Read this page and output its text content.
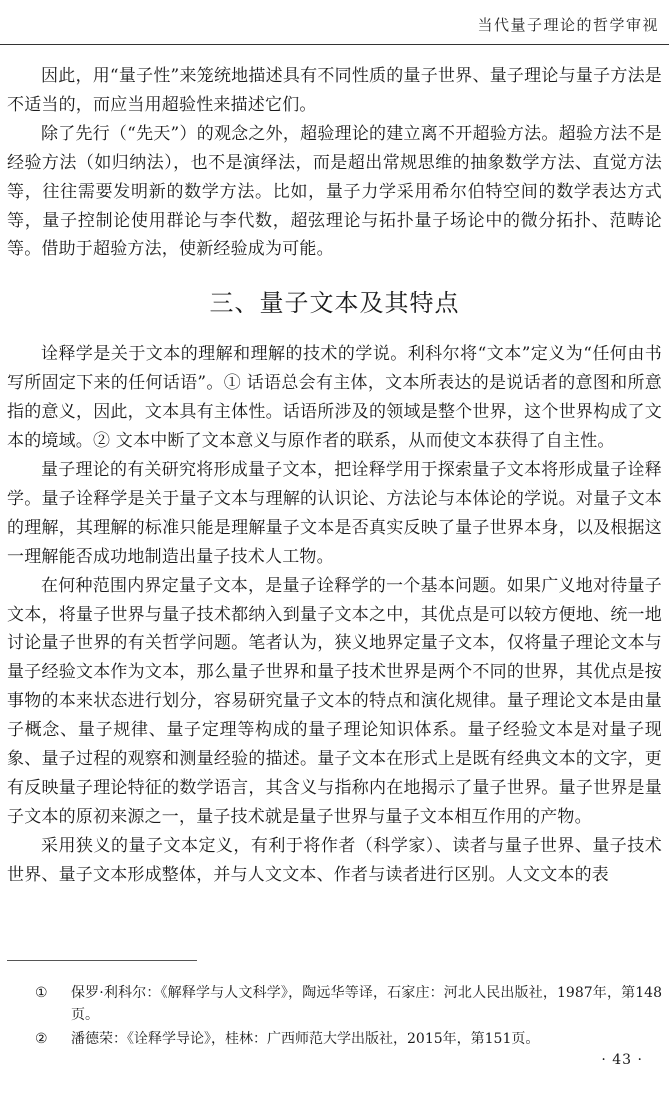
当代量子理论的哲学审视

因此，用“量子性”来笼统地描述具有不同性质的量子世界、量子理论与量子方法是不适当的，而应当用超验性来描述它们。

除了先行（“先天”）的观念之外，超验理论的建立离不开超验方法。超验方法不是经验方法（如归纳法），也不是演绎法，而是超出常规思维的抽象数学方法、直觉方法等，往往需要发明新的数学方法。比如，量子力学采用希尔伯特空间的数学表达方式等，量子控制论使用群论与李代数，超弦理论与拓扑量子场论中的微分拓扑、范畴论等。借助于超验方法，使新经验成为可能。

三、量子文本及其特点

诠释学是关于文本的理解和理解的技术的学说。利科尔将“文本”定义为“任何由书写所固定下来的任何话语”。① 话语总会有主体，文本所表达的是说话者的意图和所意指的意义，因此，文本具有主体性。话语所涉及的领域是整个世界，这个世界构成了文本的境域。② 文本中断了文本意义与原作者的联系，从而使文本获得了自主性。

量子理论的有关研究将形成量子文本，把诠释学用于探索量子文本将形成量子诠释学。量子诠释学是关于量子文本与理解的认识论、方法论与本体论的学说。对量子文本的理解，其理解的标准只能是理解量子文本是否真实反映了量子世界本身，以及根据这一理解能否成功地制造出量子技术人工物。

在何种范围内界定量子文本，是量子诠释学的一个基本问题。如果广义地对待量子文本，将量子世界与量子技术都纳入到量子文本之中，其优点是可以较方便地、统一地讨论量子世界的有关哲学问题。笔者认为，狭义地界定量子文本，仅将量子理论文本与量子经验文本作为文本，那么量子世界和量子技术世界是两个不同的世界，其优点是按事物的本来状态进行划分，容易研究量子文本的特点和演化规律。量子理论文本是由量子概念、量子规律、量子定理等构成的量子理论知识体系。量子经验文本是对量子现象、量子过程的观察和测量经验的描述。量子文本在形式上是既有经典文本的文字，更有反映量子理论特征的数学语言，其含义与指称内在地揭示了量子世界。量子世界是量子文本的原初来源之一，量子技术就是量子世界与量子文本相互作用的产物。

采用狭义的量子文本定义，有利于将作者（科学家）、读者与量子世界、量子技术世界、量子文本形成整体，并与人文文本、作者与读者进行区别。人文文本的表

①	保罗·利科尔：《解释学与人文科学》，陶远华等译，石家庄：河北人民出版社，1987年，第148页。
②	潘德荣：《诠释学导论》，桂林：广西师范大学出版社，2015年，第151页。
· 43 ·
